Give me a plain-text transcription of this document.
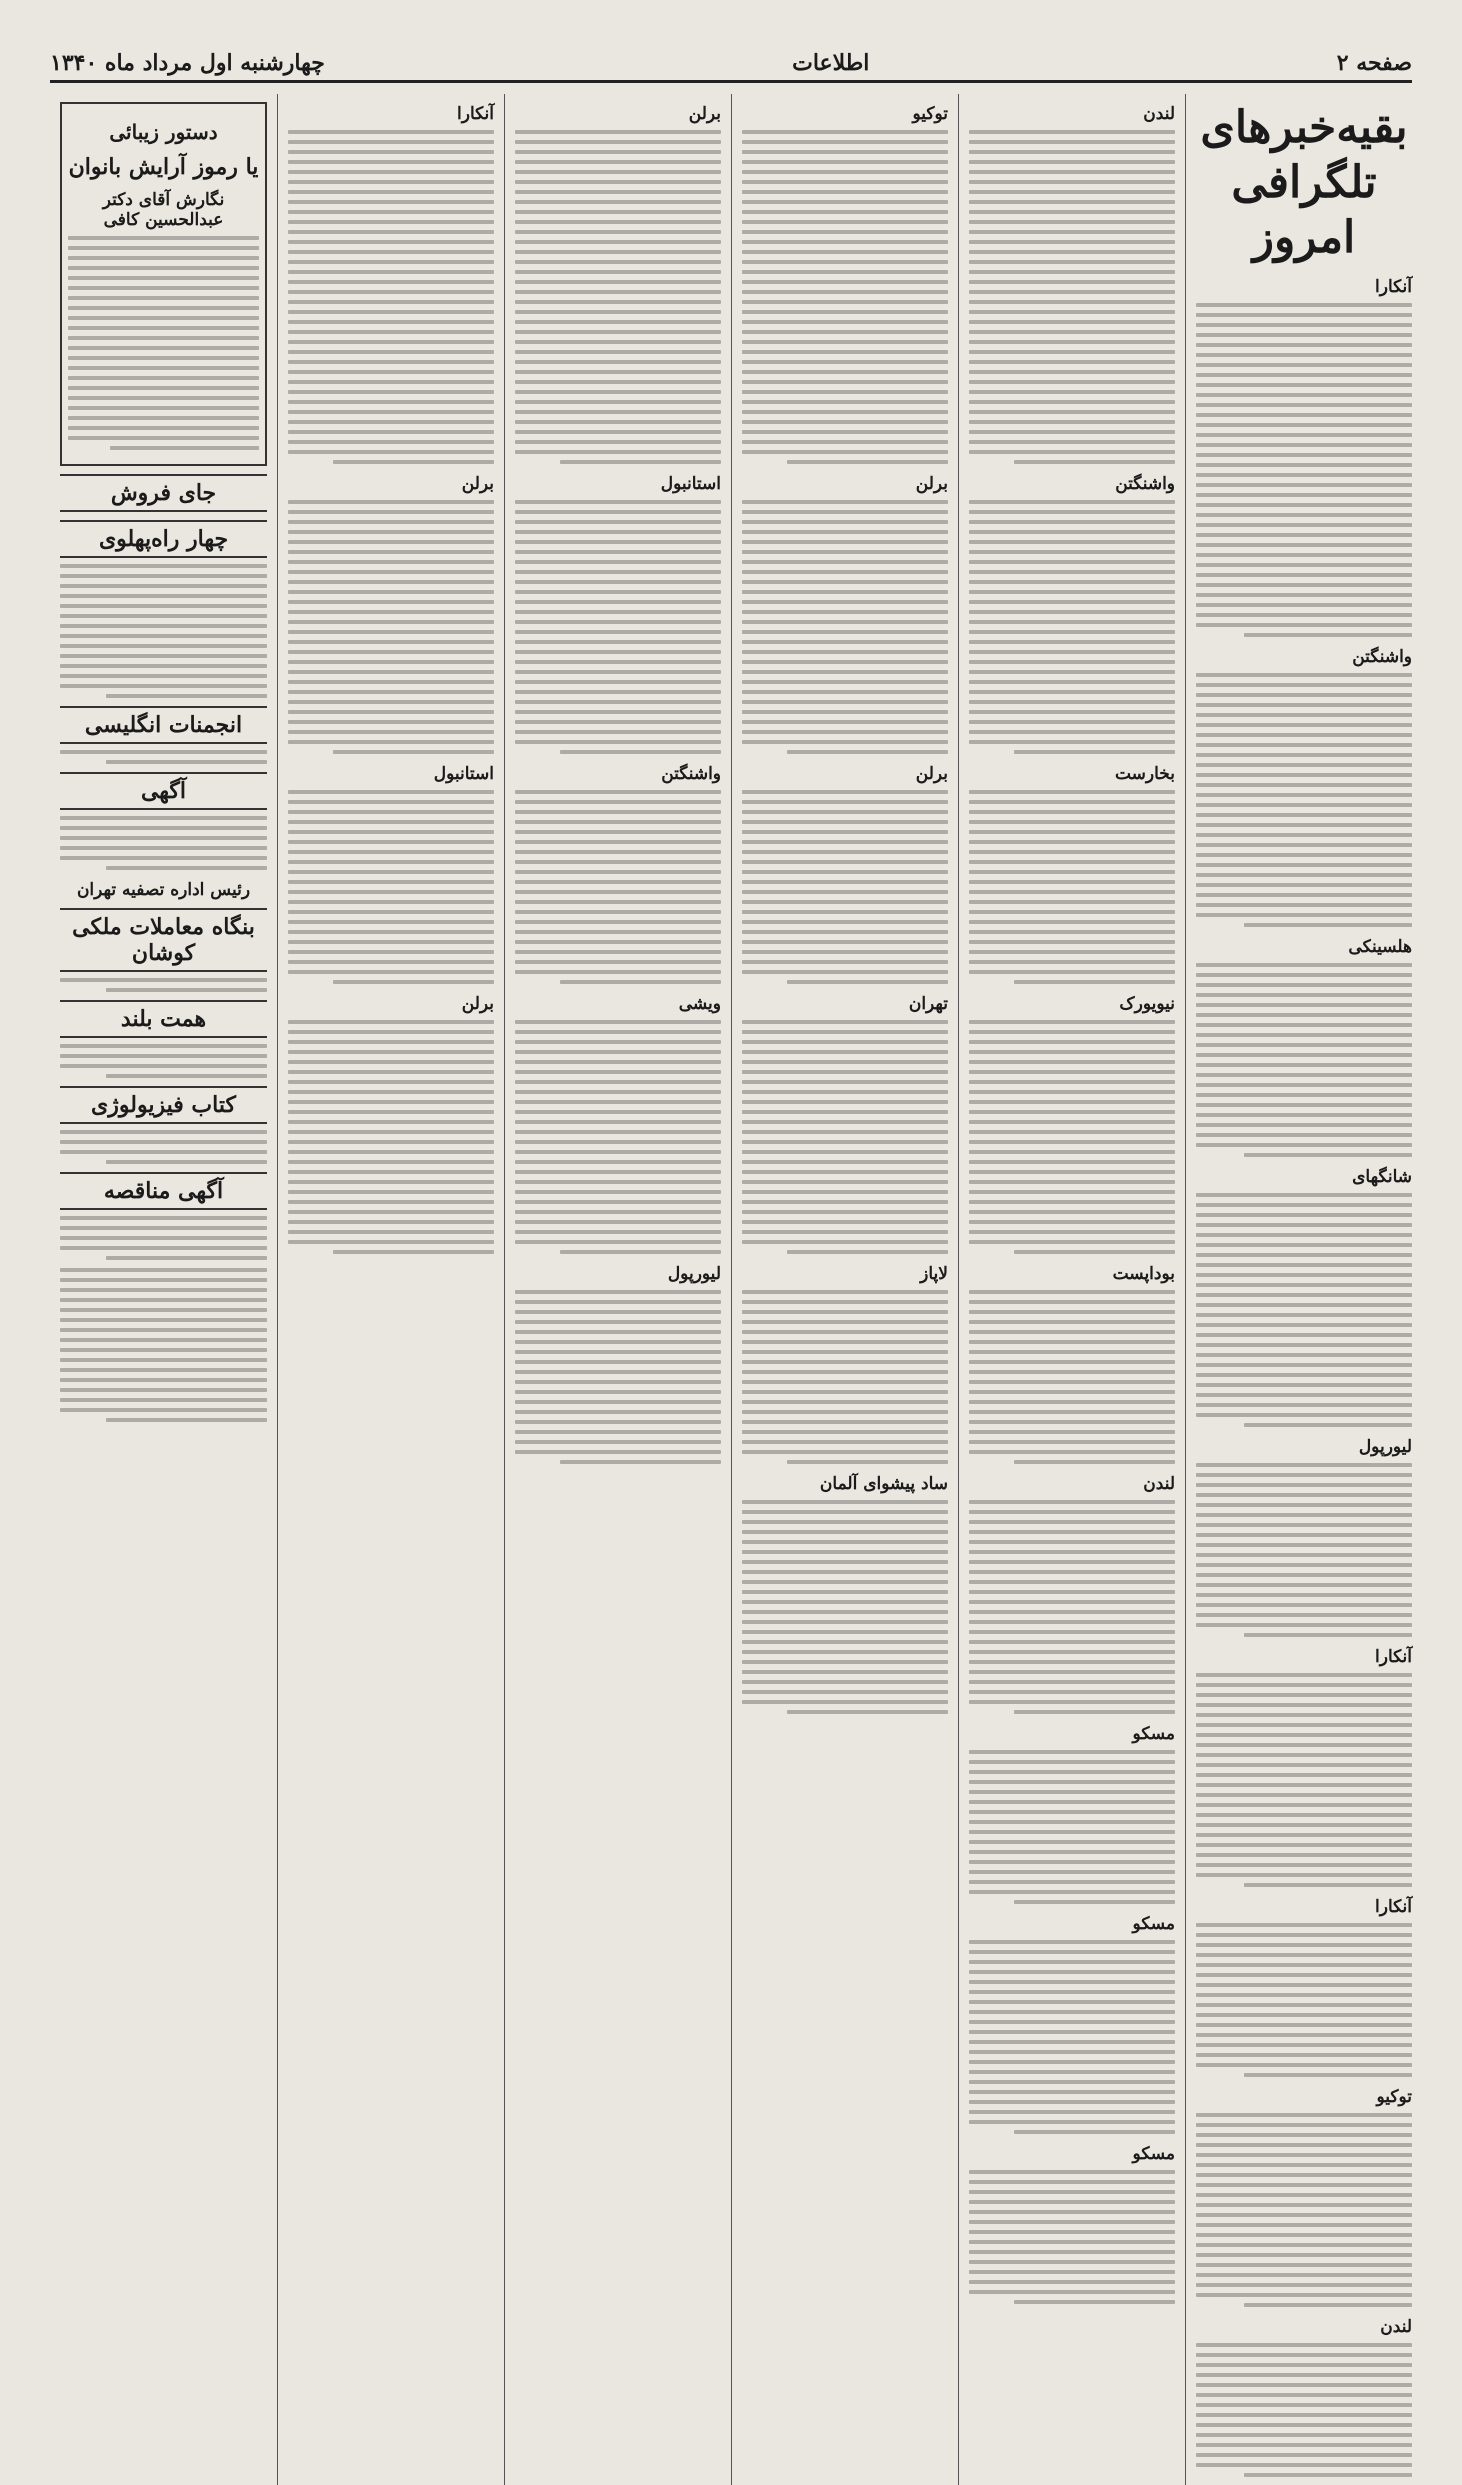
صفحه ۲
اطلاعات
چهارشنبه اول مرداد ماه ۱۳۴۰
بقیه‌خبرهای تلگرافی امروز
آنکارا
واشنگتن
هلسینکی
شانگهای
لیورپول
آنکارا
آنکارا
توکیو
لندن
لندن
واشنگتن
بخارست
نیویورک
بوداپست
لندن
مسکو
مسکو
مسکو
توکیو
برلن
برلن
تهران
لاپاز
ساد پیشوای آلمان
برلن
استانبول
واشنگتن
ویشی
لیورپول
آنکارا
برلن
استانبول
برلن
دستور زیبائی
یا رموز آرایش بانوان
نگارش آقای دکتر عبدالحسین کافی
جای فروش
چهار راه‌پهلوی
انجمنات انگلیسی
آگهی
رئیس اداره تصفیه تهران
بنگاه معاملات ملکی کوشان
همت بلند
کتاب فیزیولوژی
آگهی مناقصه
